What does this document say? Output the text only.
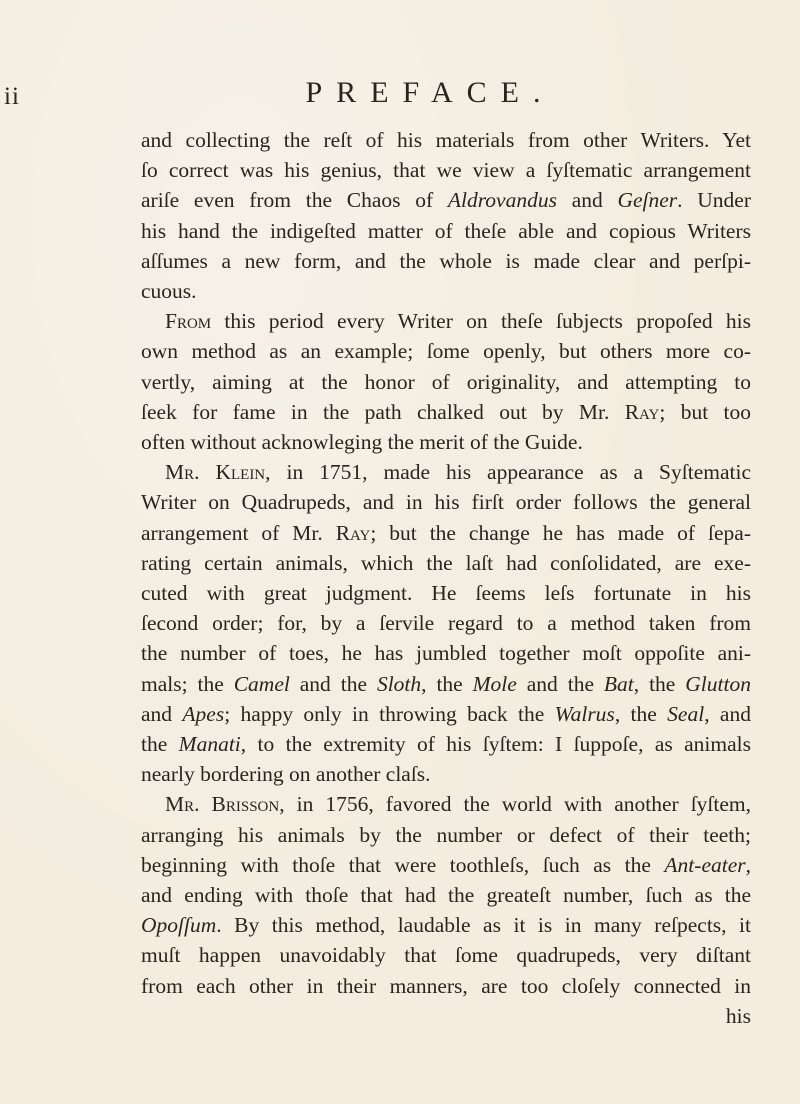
ii	PREFACE.
and collecting the reſt of his materials from other Writers. Yet
ſo correct was his genius, that we view a ſyſtematic arrangement
ariſe even from the Chaos of Aldrovandus and Geſner. Under
his hand the indigeſted matter of theſe able and copious Writers
aſſumes a new form, and the whole is made clear and perſpi-
cuous.
From this period every Writer on theſe ſubjects propoſed his
own method as an example; ſome openly, but others more co-
vertly, aiming at the honor of originality, and attempting to
ſeek for fame in the path chalked out by Mr. Ray; but too
often without acknowleging the merit of the Guide.
Mr. Klein, in 1751, made his appearance as a Syſtematic
Writer on Quadrupeds, and in his firſt order follows the general
arrangement of Mr. Ray; but the change he has made of ſepa-
rating certain animals, which the laſt had conſolidated, are exe-
cuted with great judgment. He ſeems leſs fortunate in his
ſecond order; for, by a ſervile regard to a method taken from
the number of toes, he has jumbled together moſt oppoſite ani-
mals; the Camel and the Sloth, the Mole and the Bat, the Glutton
and Apes; happy only in throwing back the Walrus, the Seal, and
the Manati, to the extremity of his ſyſtem: I ſuppoſe, as animals
nearly bordering on another claſs.
Mr. Brisson, in 1756, favored the world with another ſyſtem,
arranging his animals by the number or defect of their teeth;
beginning with thoſe that were toothleſs, ſuch as the Ant-eater,
and ending with thoſe that had the greateſt number, ſuch as the
Opoſſum. By this method, laudable as it is in many reſpects, it
muſt happen unavoidably that ſome quadrupeds, very diſtant
from each other in their manners, are too cloſely connected in
his
